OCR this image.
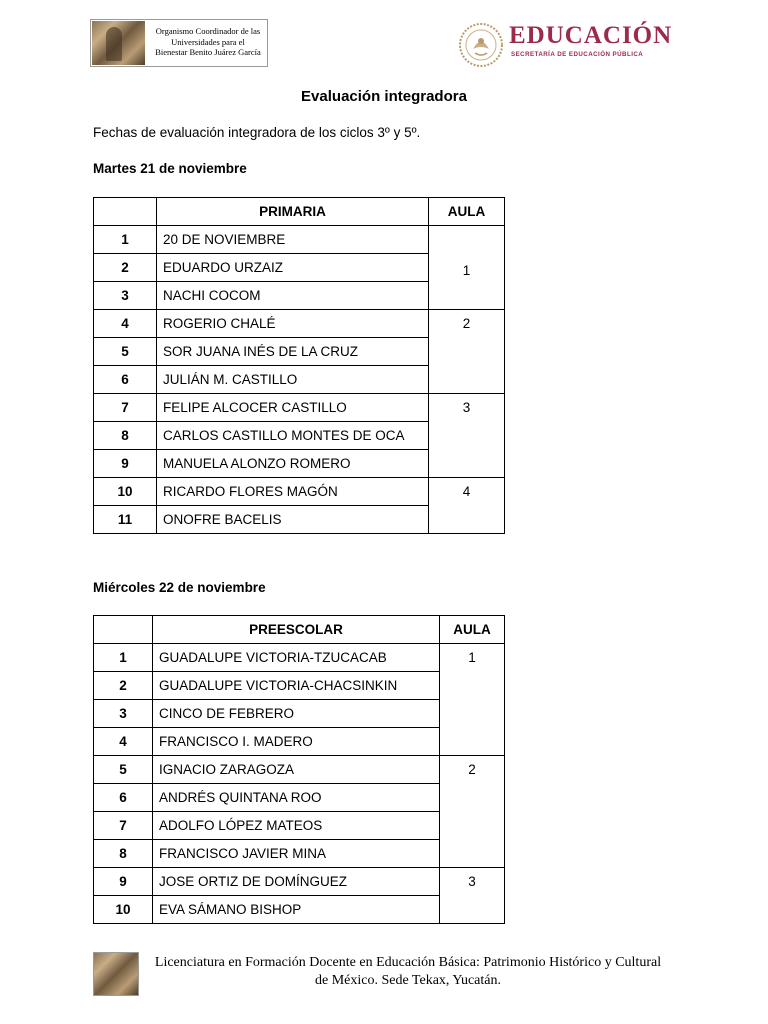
Organismo Coordinador de las
Universidades para el
Bienestar Benito Juárez García
EDUCACIÓN
SECRETARÍA DE EDUCACIÓN PÚBLICA
Evaluación integradora
Fechas de evaluación integradora de los ciclos 3º y 5º.
Martes 21 de noviembre
	PRIMARIA	AULA
1	20 DE NOVIEMBRE	1
2	EDUARDO URZAIZ	
3	NACHI COCOM	
4	ROGERIO CHALÉ	2
5	SOR JUANA INÉS DE LA CRUZ	
6	JULIÁN M. CASTILLO	
7	FELIPE ALCOCER CASTILLO	3
8	CARLOS CASTILLO MONTES DE OCA	
9	MANUELA ALONZO ROMERO	
10	RICARDO FLORES MAGÓN	4
11	ONOFRE BACELIS	
Miércoles 22 de noviembre
	PREESCOLAR	AULA
1	GUADALUPE VICTORIA-TZUCACAB	1
2	GUADALUPE VICTORIA-CHACSINKIN	
3	CINCO DE FEBRERO	
4	FRANCISCO I. MADERO	
5	IGNACIO ZARAGOZA	2
6	ANDRÉS QUINTANA ROO	
7	ADOLFO LÓPEZ MATEOS	
8	FRANCISCO JAVIER MINA	
9	JOSE ORTIZ DE DOMÍNGUEZ	3
10	EVA SÁMANO BISHOP	
Licenciatura en Formación Docente en Educación Básica: Patrimonio Histórico y Cultural de México. Sede Tekax, Yucatán.
